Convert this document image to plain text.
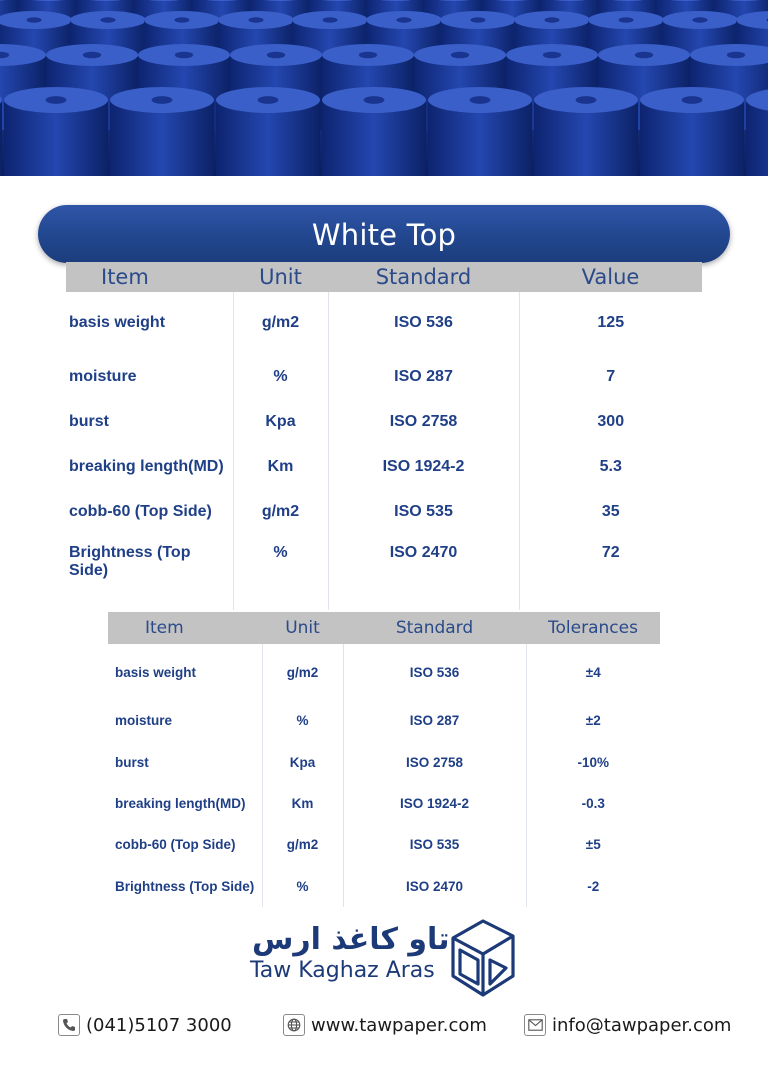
White Top
Item	Unit	Standard	Value
basis weight	g/m2	ISO 536	125
moisture	%	ISO 287	7
burst	Kpa	ISO 2758	300
breaking length(MD)	Km	ISO 1924-2	5.3
cobb-60 (Top Side)	g/m2	ISO 535	35
Brightness (Top Side)	%	ISO 2470	72
Item	Unit	Standard	Tolerances
basis weight	g/m2	ISO 536	±4
moisture	%	ISO 287	±2
burst	Kpa	ISO 2758	-10%
breaking length(MD)	Km	ISO 1924-2	-0.3
cobb-60 (Top Side)	g/m2	ISO 535	±5
Brightness (Top Side)	%	ISO 2470	-2
تاو کاغذ ارس
Taw Kaghaz Aras
(041)5107 3000	www.tawpaper.com	info@tawpaper.com
